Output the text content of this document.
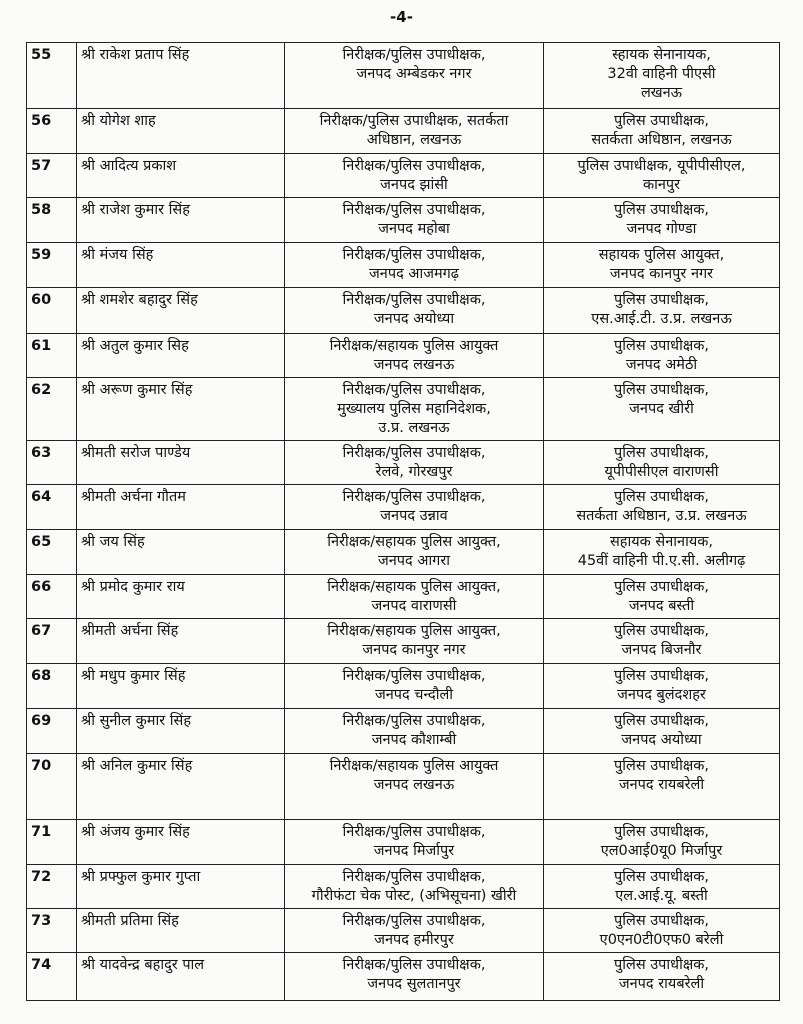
-4-
55	श्री राकेश प्रताप सिंह	निरीक्षक/पुलिस उपाधीक्षक,
जनपद अम्बेडकर नगर	स्हायक सेनानायक,
32वी वाहिनी पीएसी
लखनऊ

56	श्री योगेश शाह	निरीक्षक/पुलिस उपाधीक्षक, सतर्कता
अधिष्ठान, लखनऊ	पुलिस उपाधीक्षक,
सतर्कता अधिष्ठान, लखनऊ

57	श्री आदित्य प्रकाश	निरीक्षक/पुलिस उपाधीक्षक,
जनपद झांसी	पुलिस उपाधीक्षक, यूपीपीसीएल,
कानपुर

58	श्री राजेश कुमार सिंह	निरीक्षक/पुलिस उपाधीक्षक,
जनपद महोबा	पुलिस उपाधीक्षक,
जनपद गोण्डा

59	श्री मंजय सिंह	निरीक्षक/पुलिस उपाधीक्षक,
जनपद आजमगढ़	सहायक पुलिस आयुक्त,
जनपद कानपुर नगर

60	श्री शमशेर बहादुर सिंह	निरीक्षक/पुलिस उपाधीक्षक,
जनपद अयोध्या	पुलिस उपाधीक्षक,
एस.आई.टी. उ.प्र. लखनऊ

61	श्री अतुल कुमार सिह	निरीक्षक/सहायक पुलिस आयुक्त
जनपद लखनऊ	पुलिस उपाधीक्षक,
जनपद अमेठी

62	श्री अरूण कुमार सिंह	निरीक्षक/पुलिस उपाधीक्षक,
मुख्यालय पुलिस महानिदेशक,
उ.प्र. लखनऊ	पुलिस उपाधीक्षक,
जनपद खीरी

63	श्रीमती सरोज पाण्डेय	निरीक्षक/पुलिस उपाधीक्षक,
रेलवे, गोरखपुर	पुलिस उपाधीक्षक,
यूपीपीसीएल वाराणसी

64	श्रीमती अर्चना गौतम	निरीक्षक/पुलिस उपाधीक्षक,
जनपद उन्नाव	पुलिस उपाधीक्षक,
सतर्कता अधिष्ठान, उ.प्र. लखनऊ

65	श्री जय सिंह	निरीक्षक/सहायक पुलिस आयुक्त,
जनपद आगरा	सहायक सेनानायक,
45वीं वाहिनी पी.ए.सी. अलीगढ़

66	श्री प्रमोद कुमार राय	निरीक्षक/सहायक पुलिस आयुक्त,
जनपद वाराणसी	पुलिस उपाधीक्षक,
जनपद बस्ती

67	श्रीमती अर्चना सिंह	निरीक्षक/सहायक पुलिस आयुक्त,
जनपद कानपुर नगर	पुलिस उपाधीक्षक,
जनपद बिजनौर

68	श्री मधुप कुमार सिंह	निरीक्षक/पुलिस उपाधीक्षक,
जनपद चन्दौली	पुलिस उपाधीक्षक,
जनपद बुलंदशहर

69	श्री सुनील कुमार सिंह	निरीक्षक/पुलिस उपाधीक्षक,
जनपद कौशाम्बी	पुलिस उपाधीक्षक,
जनपद अयोध्या

70	श्री अनिल कुमार सिंह	निरीक्षक/सहायक पुलिस आयुक्त
जनपद लखनऊ	पुलिस उपाधीक्षक,
जनपद रायबरेली

71	श्री अंजय कुमार सिंह	निरीक्षक/पुलिस उपाधीक्षक,
जनपद मिर्जापुर	पुलिस उपाधीक्षक,
एल0आई0यू0 मिर्जापुर

72	श्री प्रफ्फुल कुमार गुप्ता	निरीक्षक/पुलिस उपाधीक्षक,
गौरीफंटा चेक पोस्ट, (अभिसूचना) खीरी	पुलिस उपाधीक्षक,
एल.आई.यू. बस्ती

73	श्रीमती प्रतिमा सिंह	निरीक्षक/पुलिस उपाधीक्षक,
जनपद हमीरपुर	पुलिस उपाधीक्षक,
ए0एन0टी0एफ0 बरेली

74	श्री यादवेन्द्र बहादुर पाल	निरीक्षक/पुलिस उपाधीक्षक,
जनपद सुलतानपुर	पुलिस उपाधीक्षक,
जनपद रायबरेली
